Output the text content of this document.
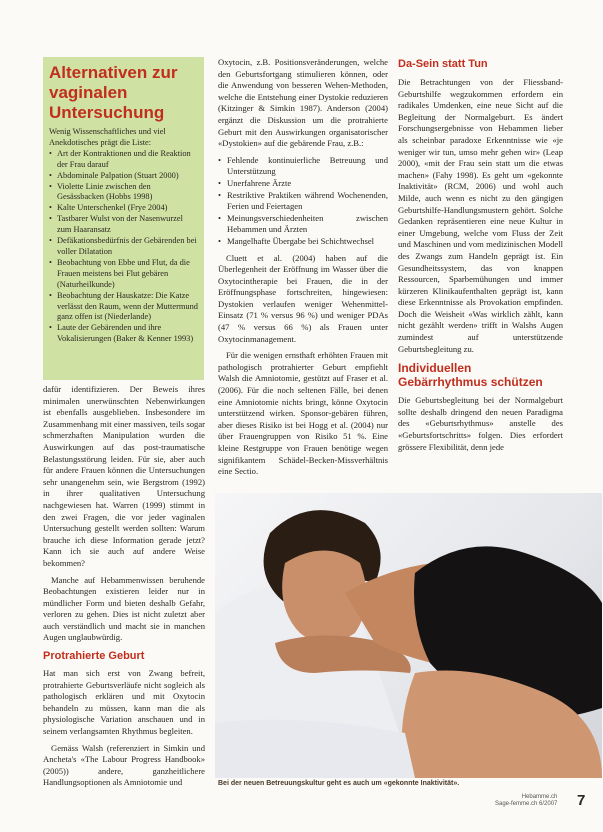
Alternativen zur vaginalen Untersuchung
Wenig Wissenschaftliches und viel Anekdotisches prägt die Liste:
• Art der Kontraktionen und die Reaktion der Frau darauf
• Abdominale Palpation (Stuart 2000)
• Violette Linie zwischen den Gesässbacken (Hobbs 1998)
• Kalte Unterschenkel (Frye 2004)
• Tastbarer Wulst von der Nasenwurzel zum Haaransatz
• Defäkationsbedürfnis der Gebärenden bei voller Dilatation
• Beobachtung von Ebbe und Flut, da die Frauen meistens bei Flut gebären (Naturheilkunde)
• Beobachtung der Hauskatze: Die Katze verlässt den Raum, wenn der Muttermund ganz offen ist (Niederlande)
• Laute der Gebärenden und ihre Vokalisierungen (Baker & Kenner 1993)

dafür identifizieren. Der Beweis ihres minimalen unerwünschten Nebenwirkungen ist ebenfalls ausgeblieben. Insbesondere im Zusammenhang mit einer massiven, teils sogar schmerzhaften Manipulation wurden die Auswirkungen auf das post-traumatische Belastungsstörung leiden. Für sie, aber auch für andere Frauen können die Untersuchungen sehr unangenehm sein, wie Bergstrom (1992) in ihrer qualitativen Untersuchung nachgewiesen hat. Warren (1999) stimmt in den zwei Fragen, die vor jeder vaginalen Untersuchung gestellt werden sollten: Warum brauche ich diese Information gerade jetzt? Kann ich sie auch auf andere Weise bekommen?

Manche auf Hebammenwissen beruhende Beobachtungen existieren leider nur in mündlicher Form und bieten deshalb Gefahr, verloren zu gehen. Dies ist nicht zuletzt aber auch verständlich und macht sie in manchen Augen unglaubwürdig.

Protrahierte Geburt

Hat man sich erst von Zwang befreit, protrahierte Geburtsverläufe nicht sogleich als pathologisch erklären und mit Oxytocin behandeln zu müssen, kann man die als physiologische Variation anschauen und in seinem verlangsamten Rhythmus begleiten.

Gemäss Walsh (referenziert in Simkin und Ancheta's «The Labour Progress Handbook» (2005)) andere, ganzheitlichere Handlungsoptionen als Amniotomie und

Oxytocin, z.B. Positionsveränderungen, welche den Geburtsfortgang stimulieren können, oder die Anwendung von besseren Wehen-Methoden, welche die Entstehung einer Dystokie reduzieren (Kitzinger & Simkin 1987). Anderson (2004) ergänzt die Diskussion um die protrahierte Geburt mit den Auswirkungen organisatorischer «Dystokien» auf die gebärende Frau, z.B.:

• Fehlende kontinuierliche Betreuung und Unterstützung
• Unerfahrene Ärzte
• Restriktive Praktiken während Wochenenden, Ferien und Feiertagen
• Meinungsverschiedenheiten zwischen Hebammen und Ärzten
• Mangelhafte Übergabe bei Schichtwechsel

Cluett et al. (2004) haben auf die Überlegenheit der Eröffnung im Wasser über die Oxytocintherapie bei Frauen, die in der Eröffnungsphase fortschreiten, hingewiesen: Dystokien verlaufen weniger Wehenmittel-Einsatz (71 % versus 96 %) und weniger PDAs (47 % versus 66 %) als Frauen unter Oxytocinmanagement.

Für die wenigen ernsthaft erhöhten Frauen mit pathologisch protrahierter Geburt empfiehlt Walsh die Amniotomie, gestützt auf Fraser et al. (2006). Für die noch seltenen Fälle, bei denen eine Amniotomie nichts bringt, könne Oxytocin unterstützend wirken. Sponsor-gebären führen, aber dieses Risiko ist bei Hogg et al. (2004) nur über Frauengruppen von Risiko 51 %. Eine kleine Restgruppe von Frauen benötige wegen signifikantem Schädel-Becken-Missverhältnis eine Sectio.

Da-Sein statt Tun

Die Betrachtungen von der Fliessband-Geburtshilfe wegzukommen erfordern ein radikales Umdenken, eine neue Sicht auf die Begleitung der Normalgeburt. Es ändert Forschungsergebnisse von Hebammen lieber als scheinbar paradoxe Erkenntnisse wie «je weniger wir tun, umso mehr gehen wir» (Leap 2000), «mit der Frau sein statt um die etwas machen» (Fahy 1998). Es geht um «gekonnte Inaktivität» (RCM, 2006) und wohl auch Milde, auch wenn es nicht zu den gängigen Geburtshilfe-Handlungsmustern gehört. Solche Gedanken repräsentieren eine neue Kultur in einer Umgebung, welche vom Fluss der Zeit und Maschinen und vom medizinischen Modell des Zwangs zum Handeln geprägt ist. Ein Gesundheitssystem, das von knappen Ressourcen, Sparbemühungen und immer kürzeren Klinikaufenthalten geprägt ist, kann diese Erkenntnisse als Provokation empfinden. Doch die Weisheit «Was wirklich zählt, kann nicht gezählt werden» trifft in Walshs Augen zumindest auf unterstützende Geburtsbegleitung zu.

Individuellen Gebärrhythmus schützen

Die Geburtsbegleitung bei der Normalgeburt sollte deshalb dringend den neuen Paradigma des «Geburtsrhythmus» anstelle des «Geburtsfortschritts» folgen. Dies erfordert grössere Flexibilität, denn jede

Bei der neuen Betreuungskultur geht es auch um «gekonnte Inaktivität».
Hebamme.ch
Sage-femme.ch 6/2007 7
